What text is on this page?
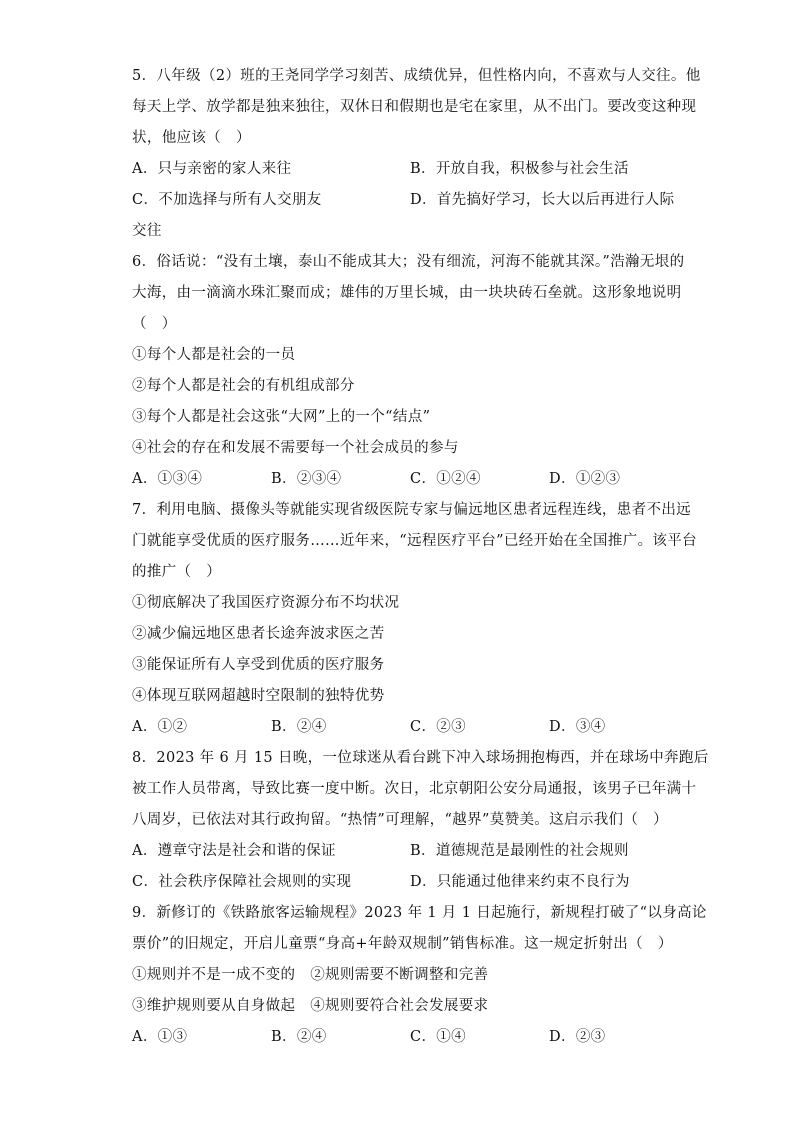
5．八年级（2）班的王尧同学学习刻苦、成绩优异，但性格内向，不喜欢与人交往。他
每天上学、放学都是独来独往，双休日和假期也是宅在家里，从不出门。要改变这种现
状，他应该（　）
A．只与亲密的家人来往	B．开放自我，积极参与社会生活
C．不加选择与所有人交朋友	D．首先搞好学习，长大以后再进行人际
交往
6．俗话说：“没有土壤，泰山不能成其大；没有细流，河海不能就其深。”浩瀚无垠的
大海，由一滴滴水珠汇聚而成；雄伟的万里长城，由一块块砖石垒就。这形象地说明
（　）
①每个人都是社会的一员
②每个人都是社会的有机组成部分
③每个人都是社会这张“大网”上的一个“结点”
④社会的存在和发展不需要每一个社会成员的参与
A．①③④	B．②③④	C．①②④	D．①②③
7．利用电脑、摄像头等就能实现省级医院专家与偏远地区患者远程连线，患者不出远
门就能享受优质的医疗服务……近年来，“远程医疗平台”已经开始在全国推广。该平台
的推广（　）
①彻底解决了我国医疗资源分布不均状况
②减少偏远地区患者长途奔波求医之苦
③能保证所有人享受到优质的医疗服务
④体现互联网超越时空限制的独特优势
A．①②	B．②④	C．②③	D．③④
8．2023 年 6 月 15 日晚，一位球迷从看台跳下冲入球场拥抱梅西，并在球场中奔跑后
被工作人员带离，导致比赛一度中断。次日，北京朝阳公安分局通报，该男子已年满十
八周岁，已依法对其行政拘留。“热情”可理解，“越界”莫赞美。这启示我们（　）
A．遵章守法是社会和谐的保证	B．道德规范是最刚性的社会规则
C．社会秩序保障社会规则的实现	D．只能通过他律来约束不良行为
9．新修订的《铁路旅客运输规程》2023 年 1 月 1 日起施行，新规程打破了“以身高论
票价”的旧规定，开启儿童票“身高+年龄双规制”销售标准。这一规定折射出（　）
①规则并不是一成不变的　②规则需要不断调整和完善
③维护规则要从自身做起　④规则要符合社会发展要求
A．①③	B．②④	C．①④	D．②③
